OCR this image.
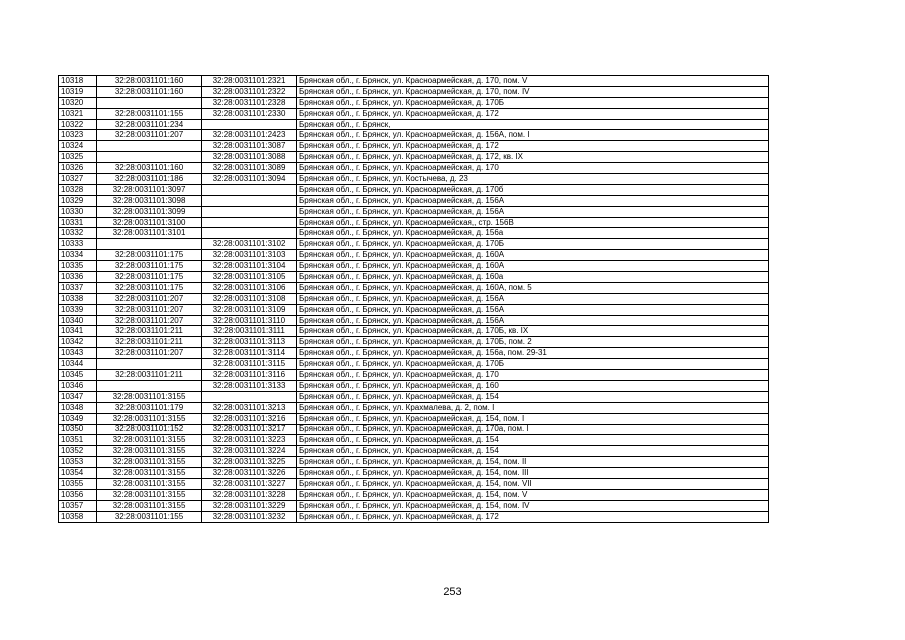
10318	32:28:0031101:160	32:28:0031101:2321	Брянская обл., г. Брянск, ул. Красноармейская, д. 170, пом. V
10319	32:28:0031101:160	32:28:0031101:2322	Брянская обл., г. Брянск, ул. Красноармейская, д. 170, пом. IV
10320		32:28:0031101:2328	Брянская обл., г. Брянск, ул. Красноармейская, д. 170Б
10321	32:28:0031101:155	32:28:0031101:2330	Брянская обл., г. Брянск, ул. Красноармейская, д. 172
10322	32:28:0031101:234		Брянская обл., г. Брянск,
10323	32:28:0031101:207	32:28:0031101:2423	Брянская обл., г. Брянск, ул. Красноармейская, д. 156А, пом. I
10324		32:28:0031101:3087	Брянская обл., г. Брянск, ул. Красноармейская, д. 172
10325		32:28:0031101:3088	Брянская обл., г. Брянск, ул. Красноармейская, д. 172, кв. IX
10326	32:28:0031101:160	32:28:0031101:3089	Брянская обл., г. Брянск, ул. Красноармейская, д. 170
10327	32:28:0031101:186	32:28:0031101:3094	Брянская обл., г. Брянск, ул. Костычева, д. 23
10328	32:28:0031101:3097		Брянская обл., г. Брянск, ул. Красноармейская, д. 170б
10329	32:28:0031101:3098		Брянская обл., г. Брянск, ул. Красноармейская, д. 156А
10330	32:28:0031101:3099		Брянская обл., г. Брянск, ул. Красноармейская, д. 156А
10331	32:28:0031101:3100		Брянская обл., г. Брянск, ул. Красноармейская,, стр. 156В
10332	32:28:0031101:3101		Брянская обл., г. Брянск, ул. Красноармейская, д. 156а
10333		32:28:0031101:3102	Брянская обл., г. Брянск, ул. Красноармейская, д. 170Б
10334	32:28:0031101:175	32:28:0031101:3103	Брянская обл., г. Брянск, ул. Красноармейская, д. 160А
10335	32:28:0031101:175	32:28:0031101:3104	Брянская обл., г. Брянск, ул. Красноармейская, д. 160А
10336	32:28:0031101:175	32:28:0031101:3105	Брянская обл., г. Брянск, ул. Красноармейская, д. 160а
10337	32:28:0031101:175	32:28:0031101:3106	Брянская обл., г. Брянск, ул. Красноармейская, д. 160А, пом. 5
10338	32:28:0031101:207	32:28:0031101:3108	Брянская обл., г. Брянск, ул. Красноармейская, д. 156А
10339	32:28:0031101:207	32:28:0031101:3109	Брянская обл., г. Брянск, ул. Красноармейская, д. 156А
10340	32:28:0031101:207	32:28:0031101:3110	Брянская обл., г. Брянск, ул. Красноармейская, д. 156А
10341	32:28:0031101:211	32:28:0031101:3111	Брянская обл., г. Брянск, ул. Красноармейская, д. 170Б, кв. IX
10342	32:28:0031101:211	32:28:0031101:3113	Брянская обл., г. Брянск, ул. Красноармейская, д. 170Б, пом. 2
10343	32:28:0031101:207	32:28:0031101:3114	Брянская обл., г. Брянск, ул. Красноармейская, д. 156а, пом. 29-31
10344		32:28:0031101:3115	Брянская обл., г. Брянск, ул. Красноармейская, д. 170Б
10345	32:28:0031101:211	32:28:0031101:3116	Брянская обл., г. Брянск, ул. Красноармейская, д. 170
10346		32:28:0031101:3133	Брянская обл., г. Брянск, ул. Красноармейская, д. 160
10347	32:28:0031101:3155		Брянская обл., г. Брянск, ул. Красноармейская, д. 154
10348	32:28:0031101:179	32:28:0031101:3213	Брянская обл., г. Брянск, ул. Крахмалева, д. 2, пом. I
10349	32:28:0031101:3155	32:28:0031101:3216	Брянская обл., г. Брянск, ул. Красноармейская, д. 154, пом. I
10350	32:28:0031101:152	32:28:0031101:3217	Брянская обл., г. Брянск, ул. Красноармейская, д. 170а, пом. I
10351	32:28:0031101:3155	32:28:0031101:3223	Брянская обл., г. Брянск, ул. Красноармейская, д. 154
10352	32:28:0031101:3155	32:28:0031101:3224	Брянская обл., г. Брянск, ул. Красноармейская, д. 154
10353	32:28:0031101:3155	32:28:0031101:3225	Брянская обл., г. Брянск, ул. Красноармейская, д. 154, пом. II
10354	32:28:0031101:3155	32:28:0031101:3226	Брянская обл., г. Брянск, ул. Красноармейская, д. 154, пом. III
10355	32:28:0031101:3155	32:28:0031101:3227	Брянская обл., г. Брянск, ул. Красноармейская, д. 154, пом. VII
10356	32:28:0031101:3155	32:28:0031101:3228	Брянская обл., г. Брянск, ул. Красноармейская, д. 154, пом. V
10357	32:28:0031101:3155	32:28:0031101:3229	Брянская обл., г. Брянск, ул. Красноармейская, д. 154, пом. IV
10358	32:28:0031101:155	32:28:0031101:3232	Брянская обл., г. Брянск, ул. Красноармейская, д. 172
253
